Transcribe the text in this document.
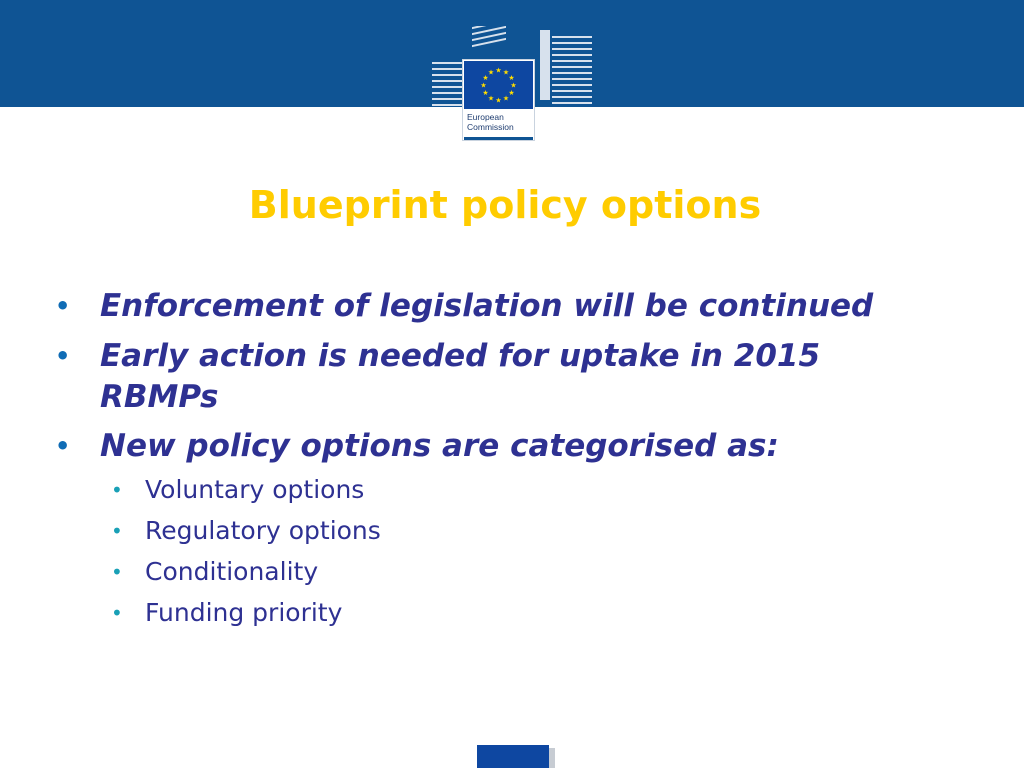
★ ★
★
★
★
★
★
★
★
★
★
★
European
Commission
Blueprint policy options
• Enforcement of legislation will be continued
• Early action is needed for uptake in 2015
RBMPs
• New policy options are categorised as:
• Voluntary options
• Regulatory options
• Conditionality
• Funding priority
